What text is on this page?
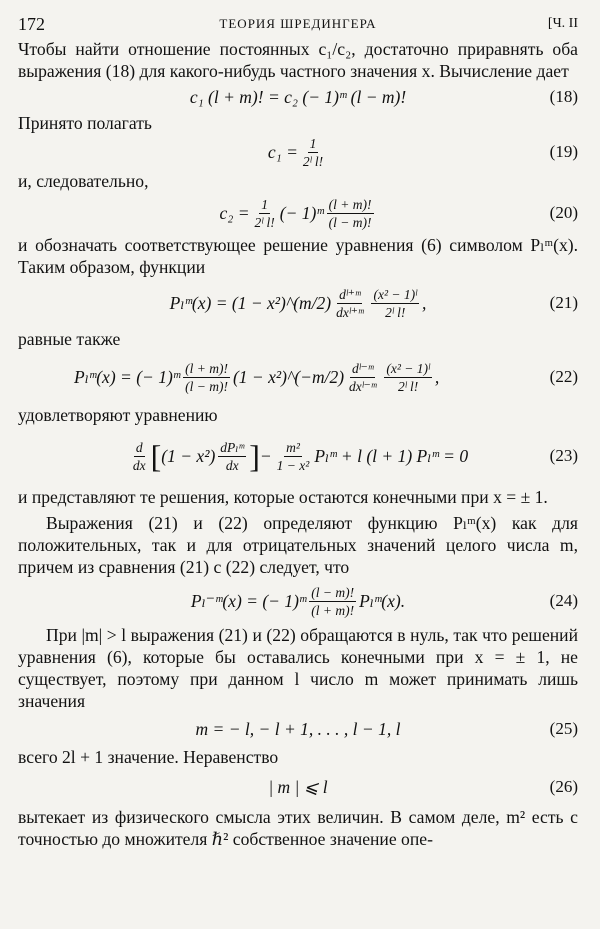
172	ТЕОРИЯ ШРЕДИНГЕРА	[Ч. II

Чтобы найти отношение постоянных c₁/c₂, достаточно приравнять оба выражения (18) для какого-нибудь частного значения x. Вычисление дает

c₁ (l + m)! = c₂ (− 1)ᵐ (l − m)!	(18)

Принято полагать

$c_1 = \frac{1}{\text{2ˡ l!}}$	(19)

и, следовательно,

$c_2 = \frac{1}{\text{2ˡ l!}}$ (− 1)ᵐ $\frac{(l + m)!}{(l - m)!}$	(20)

и обозначать соответствующее решение уравнения (6) символом Pₗᵐ(x). Таким образом, функции

Pₗᵐ(x) = (1 − x²)^(m/2) $\frac{\text{dˡ⁺ᵐ}}{\text{dxˡ⁺ᵐ}} \frac{\text{(x² − 1)ˡ}}{\text{2ˡ l!}}$ ,	(21)

равные также

Pₗᵐ(x) = (− 1)ᵐ $\frac{(l + m)!}{(l - m)!} (1$ − x²)^(−m/2) $\frac{\text{dˡ⁻ᵐ}}{\text{dxˡ⁻ᵐ}} \frac{\text{(x² − 1)ˡ}}{\text{2ˡ l!}}$ ,	(22)

удовлетворяют уравнению

$\frac{d}{dx}$ [ $(1 - x^2) \frac{\text{dPₗᵐ}}{dx}$ ] − $\frac{\text{m²}}{\text{1 − x²}}$ Pₗᵐ + l (l + 1) Pₗᵐ = 0	(23)

и представляют те решения, которые остаются конечными при x = ± 1.

Выражения (21) и (22) определяют функцию Pₗᵐ(x) как для положительных, так и для отрицательных значений целого числа m, причем из сравнения (21) с (22) следует, что

Pₗ⁻ᵐ(x) = (− 1)ᵐ $\frac{(l - m)!}{(l + m)!}$ Pₗᵐ(x).	(24)

При |m| > l выражения (21) и (22) обращаются в нуль, так что решений уравнения (6), которые бы оставались конечными при x = ± 1, не существует, поэтому при данном l число m может принимать лишь значения

m = − l, − l + 1, . . . , l − 1, l	(25)

всего 2l + 1 значение. Неравенство

| m | ⩽ l	(26)

вытекает из физического смысла этих величин. В самом деле, m² есть с точностью до множителя ℏ² собственное значение опе-
